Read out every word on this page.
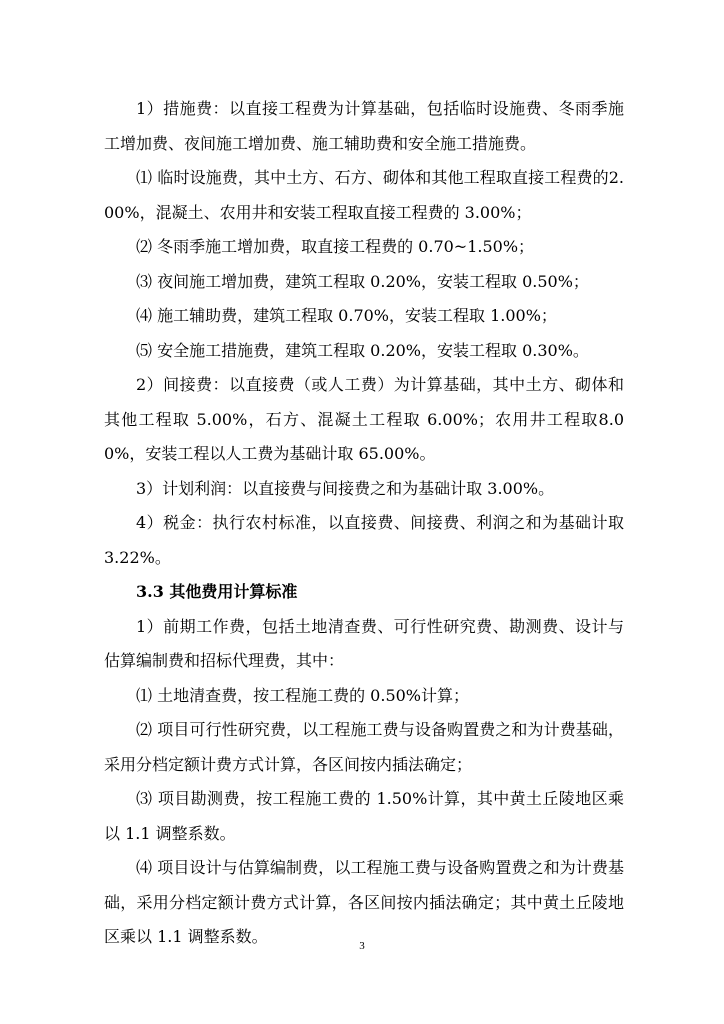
1）措施费：以直接工程费为计算基础，包括临时设施费、冬雨季施工增加费、夜间施工增加费、施工辅助费和安全施工措施费。

⑴ 临时设施费，其中土方、石方、砌体和其他工程取直接工程费的2.00%，混凝土、农用井和安装工程取直接工程费的 3.00%；

⑵ 冬雨季施工增加费，取直接工程费的 0.70~1.50%；

⑶ 夜间施工增加费，建筑工程取 0.20%，安装工程取 0.50%；

⑷ 施工辅助费，建筑工程取 0.70%，安装工程取 1.00%；

⑸ 安全施工措施费，建筑工程取 0.20%，安装工程取 0.30%。

2）间接费：以直接费（或人工费）为计算基础，其中土方、砌体和其他工程取 5.00%，石方、混凝土工程取 6.00%；农用井工程取8.00%，安装工程以人工费为基础计取 65.00%。

3）计划利润：以直接费与间接费之和为基础计取 3.00%。

4）税金：执行农村标准，以直接费、间接费、利润之和为基础计取 3.22%。

3.3 其他费用计算标准

1）前期工作费，包括土地清查费、可行性研究费、勘测费、设计与估算编制费和招标代理费，其中：

⑴ 土地清查费，按工程施工费的 0.50%计算；

⑵ 项目可行性研究费，以工程施工费与设备购置费之和为计费基础，采用分档定额计费方式计算，各区间按内插法确定；

⑶ 项目勘测费，按工程施工费的 1.50%计算，其中黄土丘陵地区乘以 1.1 调整系数。

⑷ 项目设计与估算编制费，以工程施工费与设备购置费之和为计费基础，采用分档定额计费方式计算，各区间按内插法确定；其中黄土丘陵地区乘以 1.1 调整系数。	3
